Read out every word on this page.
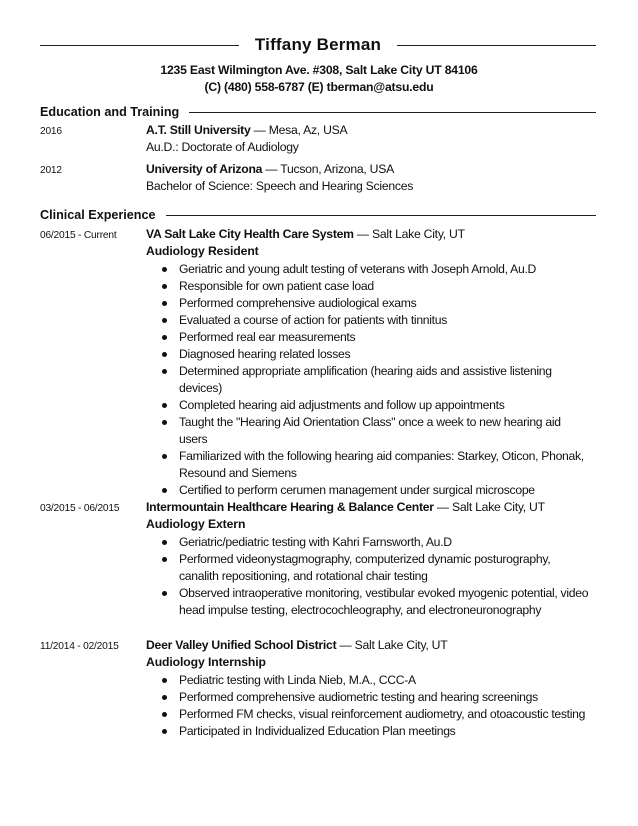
Tiffany Berman
1235 East Wilmington Ave. #308, Salt Lake City UT 84106
(C) (480) 558-6787 (E) tberman@atsu.edu
Education and Training
2016	A.T. Still University — Mesa, Az, USA
Au.D.: Doctorate of Audiology
2012	University of Arizona — Tucson, Arizona, USA
Bachelor of Science: Speech and Hearing Sciences
Clinical Experience
06/2015 - Current VA Salt Lake City Health Care System — Salt Lake City, UT
Audiology Resident
Geriatric and young adult testing of veterans with Joseph Arnold, Au.D
Responsible for own patient case load
Performed comprehensive audiological exams
Evaluated a course of action for patients with tinnitus
Performed real ear measurements
Diagnosed hearing related losses
Determined appropriate amplification (hearing aids and assistive listening devices)
Completed hearing aid adjustments and follow up appointments
Taught the "Hearing Aid Orientation Class" once a week to new hearing aid users
Familiarized with the following hearing aid companies: Starkey, Oticon, Phonak, Resound and Siemens
Certified to perform cerumen management under surgical microscope
03/2015 - 06/2015 Intermountain Healthcare Hearing & Balance Center — Salt Lake City, UT
Audiology Extern
Geriatric/pediatric testing with Kahri Farnsworth, Au.D
Performed videonystagmography, computerized dynamic posturography, canalith repositioning, and rotational chair testing
Observed intraoperative monitoring, vestibular evoked myogenic potential, video head impulse testing, electrocochleography, and electroneuronography
11/2014 - 02/2015 Deer Valley Unified School District — Salt Lake City, UT
Audiology Internship
Pediatric testing with Linda Nieb, M.A., CCC-A
Performed comprehensive audiometric testing and hearing screenings
Performed FM checks, visual reinforcement audiometry, and otoacoustic testing
Participated in Individualized Education Plan meetings
